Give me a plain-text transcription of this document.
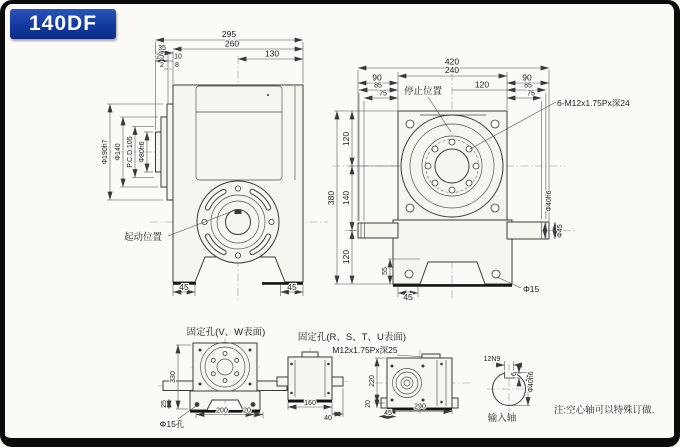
295
260
130
35
25 10
2 8
Φ190h7 Φ140 P.C.D.105 Φ80h6
起动位置
45	45
420
240
90	90
85	85
120
75	75
停止位置
6-M12x1.75Px深24
380
120
140
120
55
45
Φ15
Φ40h6
Φ45
固定孔(V、W表面)
330
25
200 20
Φ15孔
固定孔(R、S、T、U表面)
160
40
M12x1.75Px深25
220
20	290
45
12N9
6 Φ40h6
输入轴
注:空心轴可以特殊订做.
140DF
